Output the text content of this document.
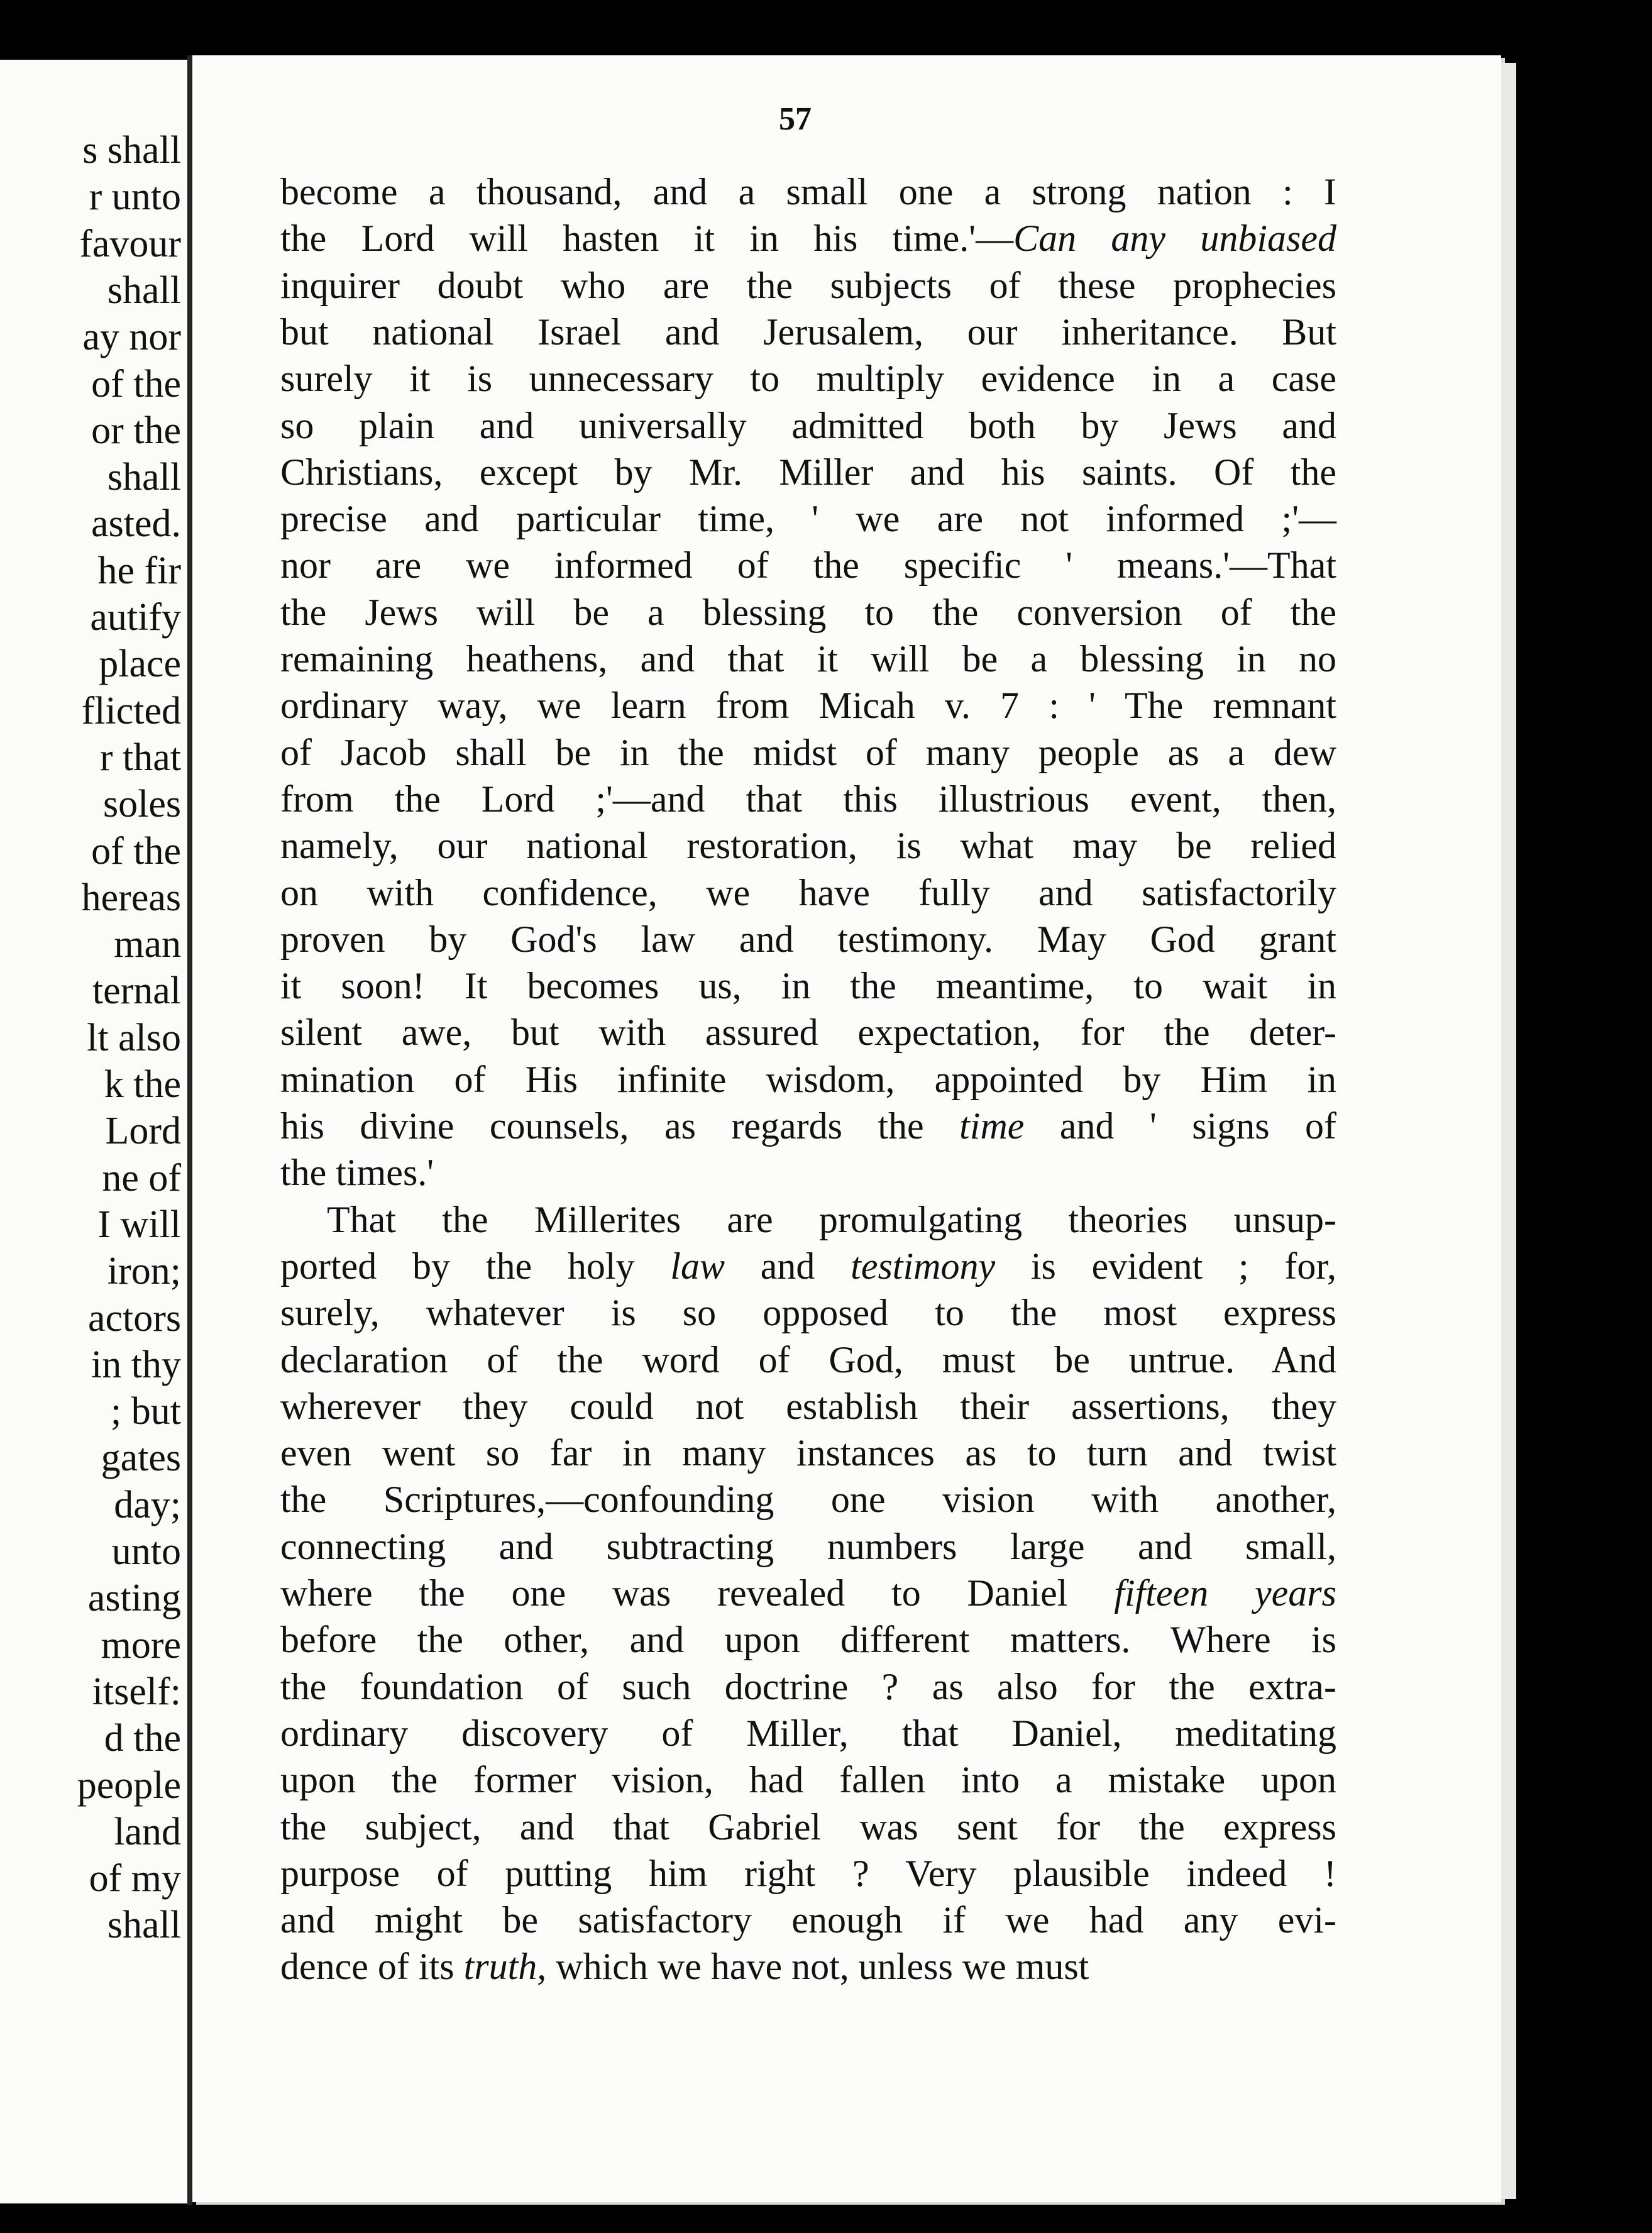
s shall
r unto
favour
shall
ay nor
of the
or the
shall
asted.
he fir
autify
place
flicted
r that
soles
of the
hereas
man
ternal
lt also
k the
Lord
ne of
I will
iron;
actors
in thy
; but
gates
day;
unto
asting
more
itself:
d the
people
land
of my
shall
57
become a thousand, and a small one a strong nation : I
the Lord will hasten it in his time.'—Can any unbiased
inquirer doubt who are the subjects of these prophecies
but national Israel and Jerusalem, our inheritance. But
surely it is unnecessary to multiply evidence in a case
so plain and universally admitted both by Jews and
Christians, except by Mr. Miller and his saints. Of the
precise and particular time, ' we are not informed ;'—
nor are we informed of the specific ' means.'—That
the Jews will be a blessing to the conversion of the
remaining heathens, and that it will be a blessing in no
ordinary way, we learn from Micah v. 7 : ' The remnant
of Jacob shall be in the midst of many people as a dew
from the Lord ;'—and that this illustrious event, then,
namely, our national restoration, is what may be relied
on with confidence, we have fully and satisfactorily
proven by God's law and testimony. May God grant
it soon! It becomes us, in the meantime, to wait in
silent awe, but with assured expectation, for the deter-
mination of His infinite wisdom, appointed by Him in
his divine counsels, as regards the time and ' signs of
the times.'
That the Millerites are promulgating theories unsup-
ported by the holy law and testimony is evident ; for,
surely, whatever is so opposed to the most express
declaration of the word of God, must be untrue. And
wherever they could not establish their assertions, they
even went so far in many instances as to turn and twist
the Scriptures,—confounding one vision with another,
connecting and subtracting numbers large and small,
where the one was revealed to Daniel fifteen years
before the other, and upon different matters. Where is
the foundation of such doctrine ? as also for the extra-
ordinary discovery of Miller, that Daniel, meditating
upon the former vision, had fallen into a mistake upon
the subject, and that Gabriel was sent for the express
purpose of putting him right ? Very plausible indeed !
and might be satisfactory enough if we had any evi-
dence of its truth, which we have not, unless we must
